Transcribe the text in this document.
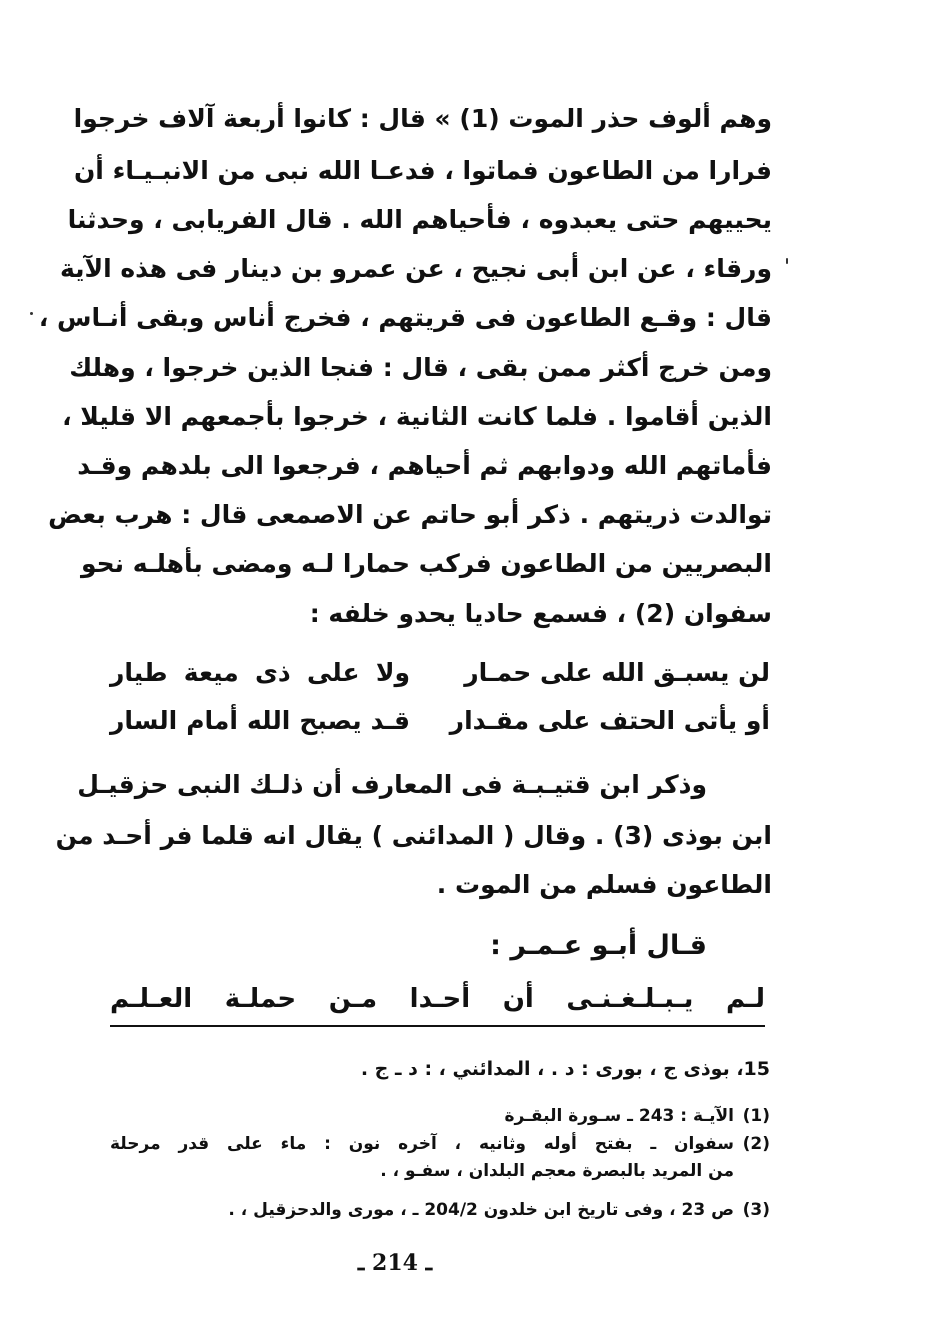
وهم ألوف حذر الموت (1) » قال : كانوا أربعة آلاف خرجوا
فرارا من الطاعون فماتوا ، فدعـا الله نبى من الانبـيـاء أن
يحييهم حتى يعبدوه ، فأحياهم الله . قال الفريابى ، وحدثنا
ورقاء ، عن ابن أبى نجيح ، عن عمرو بن دينار فى هذه الآية
قال : وقـع الطاعون فى قريتهم ، فخرج أناس وبقى أنـاس ،
ومن خرج أكثر ممن بقى ، قال : فنجا الذين خرجوا ، وهلك
الذين أقاموا . فلما كانت الثانية ، خرجوا بأجمعهم الا قليلا ،
فأماتهم الله ودوابهم ثم أحياهم ، فرجعوا الى بلدهم وقـد
توالدت ذريتهم . ذكر أبو حاتم عن الاصمعى قال : هرب بعض
البصريين من الطاعون فركب حمارا لـه ومضى بأهلـه نحو
سفوان (2) ، فسمع حاديا يحدو خلفه :
لن يسبـق الله على حمـار
ولا على ذى ميعة طيار
أو يأتى الحتف على مقـدار
قـد يصبح الله أمام السار
وذكر ابن قتيـبـة فى المعارف أن ذلـك النبى حزقيـل
ابن بوذى (3) . وقال ( المدائنى ) يقال انه قلما فر أحـد من
الطاعون فسلم من الموت .
قـال أبـو عـمـر :
لـم يـبـلـغـنـى أن أحـدا مـن حملـة العـلـم
15، بوذى ج ، بورى : د . ، المدائني ، : د ـ ج .
(1)
الآيـة : 243 ـ سـورة البقـرة
(2)
سفوان ـ بفتح أوله وثانيه ، آخره نون : ماء على قدر مرحلة
من المريد بالبصرة معجم البلدان ، سفـو ، .
(3)
ص 23 ، وفى تاريخ ابن خلدون 204/2 ـ ، مورى والدحزقيل ، .
ـ 214 ـ
